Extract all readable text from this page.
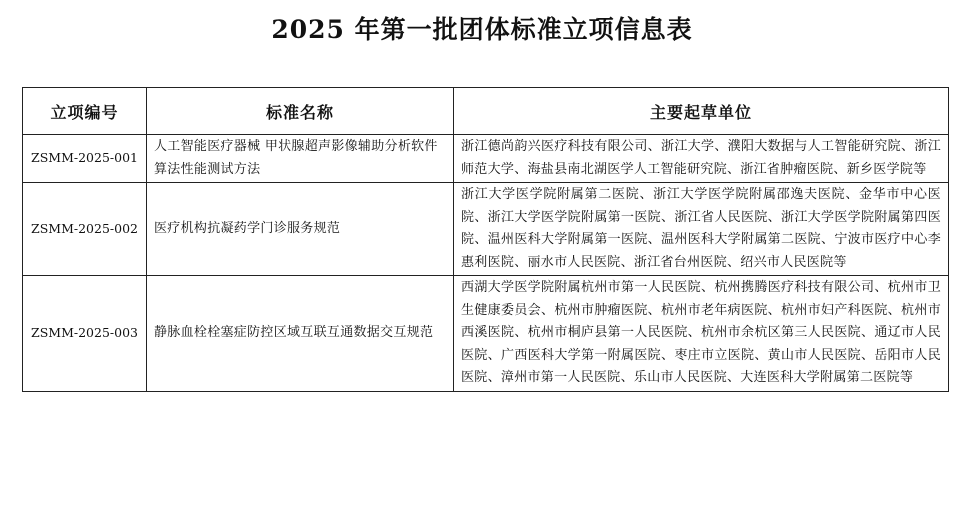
2025 年第一批团体标准立项信息表
立项编号	标准名称	主要起草单位
ZSMM-2025-001	人工智能医疗器械 甲状腺超声影像辅助分析软件 算法性能测试方法	浙江德尚韵兴医疗科技有限公司、浙江大学、濮阳大数据与人工智能研究院、浙江师范大学、海盐县南北湖医学人工智能研究院、浙江省肿瘤医院、新乡医学院等
ZSMM-2025-002	医疗机构抗凝药学门诊服务规范	浙江大学医学院附属第二医院、浙江大学医学院附属邵逸夫医院、金华市中心医院、浙江大学医学院附属第一医院、浙江省人民医院、浙江大学医学院附属第四医院、温州医科大学附属第一医院、温州医科大学附属第二医院、宁波市医疗中心李惠利医院、丽水市人民医院、浙江省台州医院、绍兴市人民医院等
ZSMM-2025-003	静脉血栓栓塞症防控区域互联互通数据交互规范	西湖大学医学院附属杭州市第一人民医院、杭州携腾医疗科技有限公司、杭州市卫生健康委员会、杭州市肿瘤医院、杭州市老年病医院、杭州市妇产科医院、杭州市西溪医院、杭州市桐庐县第一人民医院、杭州市余杭区第三人民医院、通辽市人民医院、广西医科大学第一附属医院、枣庄市立医院、黄山市人民医院、岳阳市人民医院、漳州市第一人民医院、乐山市人民医院、大连医科大学附属第二医院等
